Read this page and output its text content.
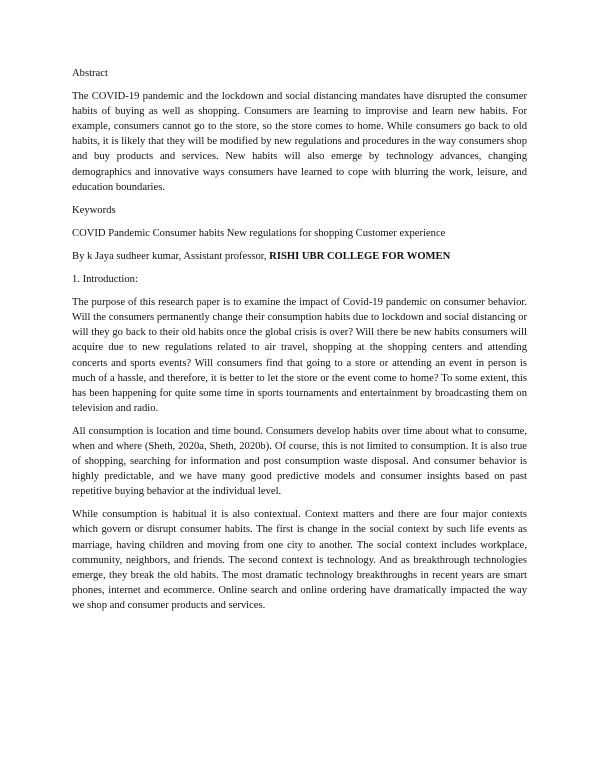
Abstract

The COVID-19 pandemic and the lockdown and social distancing mandates have disrupted the consumer habits of buying as well as shopping. Consumers are learning to improvise and learn new habits. For example, consumers cannot go to the store, so the store comes to home. While consumers go back to old habits, it is likely that they will be modified by new regulations and procedures in the way consumers shop and buy products and services. New habits will also emerge by technology advances, changing demographics and innovative ways consumers have learned to cope with blurring the work, leisure, and education boundaries.

Keywords

COVID Pandemic Consumer habits New regulations for shopping Customer experience

By k Jaya sudheer kumar, Assistant professor, RISHI UBR COLLEGE FOR WOMEN

1. Introduction:

The purpose of this research paper is to examine the impact of Covid-19 pandemic on consumer behavior. Will the consumers permanently change their consumption habits due to lockdown and social distancing or will they go back to their old habits once the global crisis is over? Will there be new habits consumers will acquire due to new regulations related to air travel, shopping at the shopping centers and attending concerts and sports events? Will consumers find that going to a store or attending an event in person is much of a hassle, and therefore, it is better to let the store or the event come to home? To some extent, this has been happening for quite some time in sports tournaments and entertainment by broadcasting them on television and radio.

All consumption is location and time bound. Consumers develop habits over time about what to consume, when and where (Sheth, 2020a, Sheth, 2020b). Of course, this is not limited to consumption. It is also true of shopping, searching for information and post consumption waste disposal. And consumer behavior is highly predictable, and we have many good predictive models and consumer insights based on past repetitive buying behavior at the individual level.

While consumption is habitual it is also contextual. Context matters and there are four major contexts which govern or disrupt consumer habits. The first is change in the social context by such life events as marriage, having children and moving from one city to another. The social context includes workplace, community, neighbors, and friends. The second context is technology. And as breakthrough technologies emerge, they break the old habits. The most dramatic technology breakthroughs in recent years are smart phones, internet and ecommerce. Online search and online ordering have dramatically impacted the way we shop and consumer products and services.
